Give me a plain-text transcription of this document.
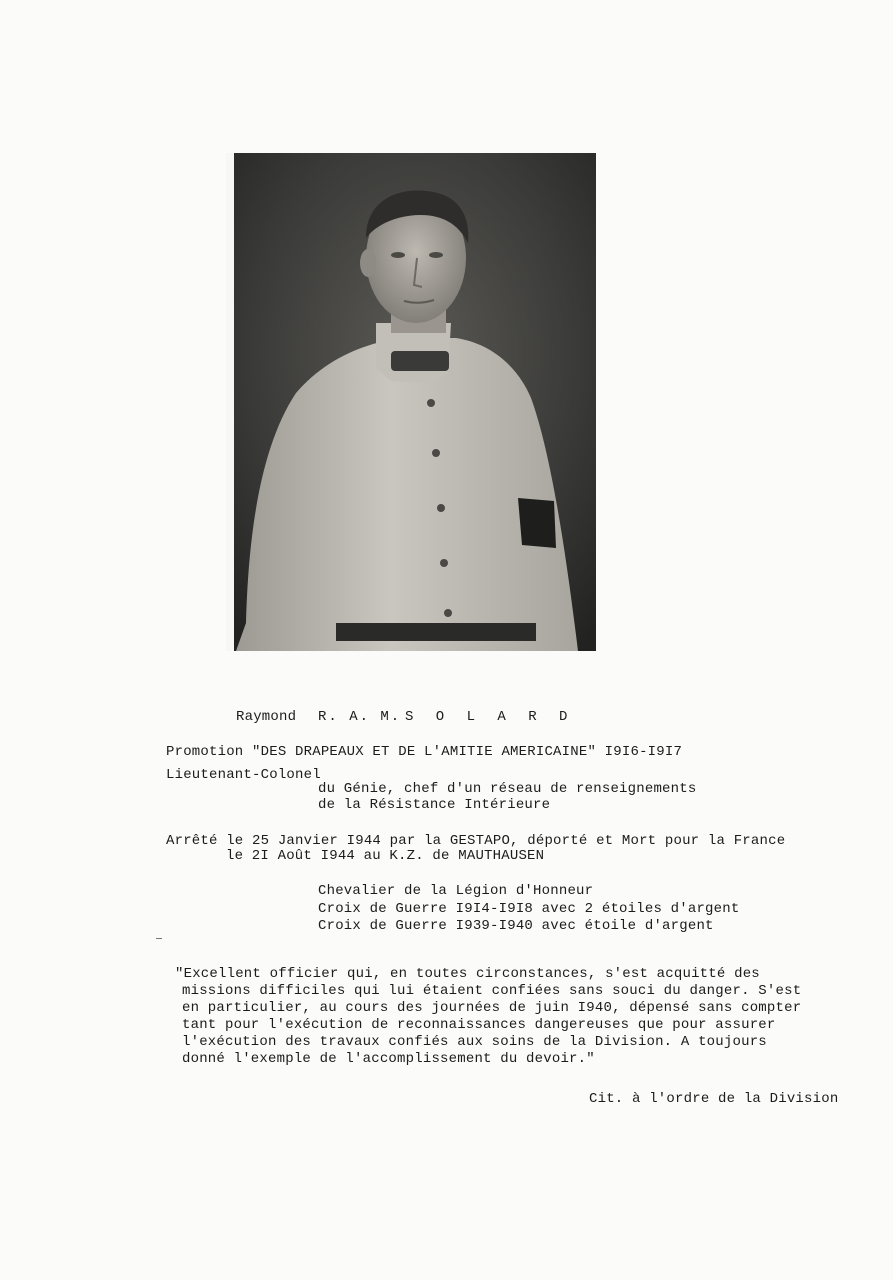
Raymond R. A. M. S O L A R D
Promotion "DES DRAPEAUX ET DE L'AMITIE AMERICAINE" I9I6-I9I7
Lieutenant-Colonel
du Génie, chef d'un réseau de renseignements
de la Résistance Intérieure
Arrêté le 25 Janvier I944 par la GESTAPO, déporté et Mort pour la France
le 2I Août I944 au K.Z. de MAUTHAUSEN
Chevalier de la Légion d'Honneur
Croix de Guerre I9I4-I9I8 avec 2 étoiles d'argent
Croix de Guerre I939-I940 avec étoile d'argent
"Excellent officier qui, en toutes circonstances, s'est acquitté des
missions difficiles qui lui étaient confiées sans souci du danger. S'est
en particulier, au cours des journées de juin I940, dépensé sans compter
tant pour l'exécution de reconnaissances dangereuses que pour assurer
l'exécution des travaux confiés aux soins de la Division. A toujours
donné l'exemple de l'accomplissement du devoir."
Cit. à l'ordre de la Division
